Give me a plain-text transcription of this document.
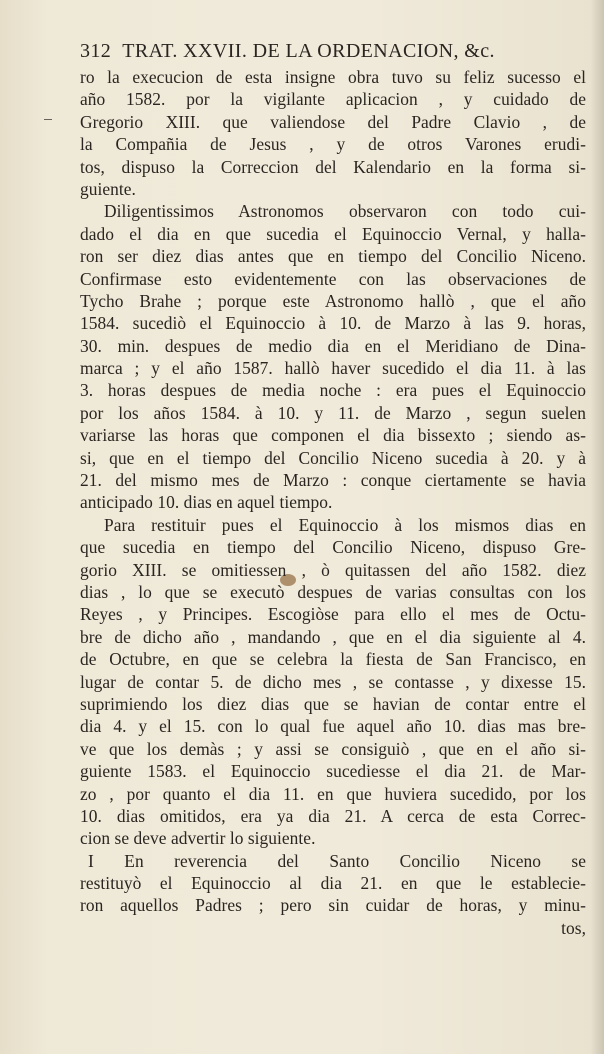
312 TRAT. XXVII. DE LA ORDENACION, &c.
ro la execucion de esta insigne obra tuvo su feliz sucesso el
año 1582. por la vigilante aplicacion , y cuidado de
Gregorio XIII. que valiendose del Padre Clavio , de
la Compañia de Jesus , y de otros Varones erudi-
tos, dispuso la Correccion del Kalendario en la forma si-
guiente.
Diligentissimos Astronomos observaron con todo cui-
dado el dia en que sucedia el Equinoccio Vernal, y halla-
ron ser diez dias antes que en tiempo del Concilio Niceno.
Confirmase esto evidentemente con las observaciones de
Tycho Brahe ; porque este Astronomo hallò , que el año
1584. sucediò el Equinoccio à 10. de Marzo à las 9. horas,
30. min. despues de medio dia en el Meridiano de Dina-
marca ; y el año 1587. hallò haver sucedido el dia 11. à las
3. horas despues de media noche : era pues el Equinoccio
por los años 1584. à 10. y 11. de Marzo , segun suelen
variarse las horas que componen el dia bissexto ; siendo as-
si, que en el tiempo del Concilio Niceno sucedia à 20. y à
21. del mismo mes de Marzo : conque ciertamente se havia
anticipado 10. dias en aquel tiempo.
Para restituir pues el Equinoccio à los mismos dias en
que sucedia en tiempo del Concilio Niceno, dispuso Gre-
gorio XIII. se omitiessen , ò quitassen del año 1582. diez
dias , lo que se executò despues de varias consultas con los
Reyes , y Principes. Escogiòse para ello el mes de Octu-
bre de dicho año , mandando , que en el dia siguiente al 4.
de Octubre, en que se celebra la fiesta de San Francisco, en
lugar de contar 5. de dicho mes , se contasse , y dixesse 15.
suprimiendo los diez dias que se havian de contar entre el
dia 4. y el 15. con lo qual fue aquel año 10. dias mas bre-
ve que los demàs ; y assi se consiguiò , que en el año si-
guiente 1583. el Equinoccio sucediesse el dia 21. de Mar-
zo , por quanto el dia 11. en que huviera sucedido, por los
10. dias omitidos, era ya dia 21. A cerca de esta Correc-
cion se deve advertir lo siguiente.
I En reverencia del Santo Concilio Niceno se
restituyò el Equinoccio al dia 21. en que le establecie-
ron aquellos Padres ; pero sin cuidar de horas, y minu-
tos,
